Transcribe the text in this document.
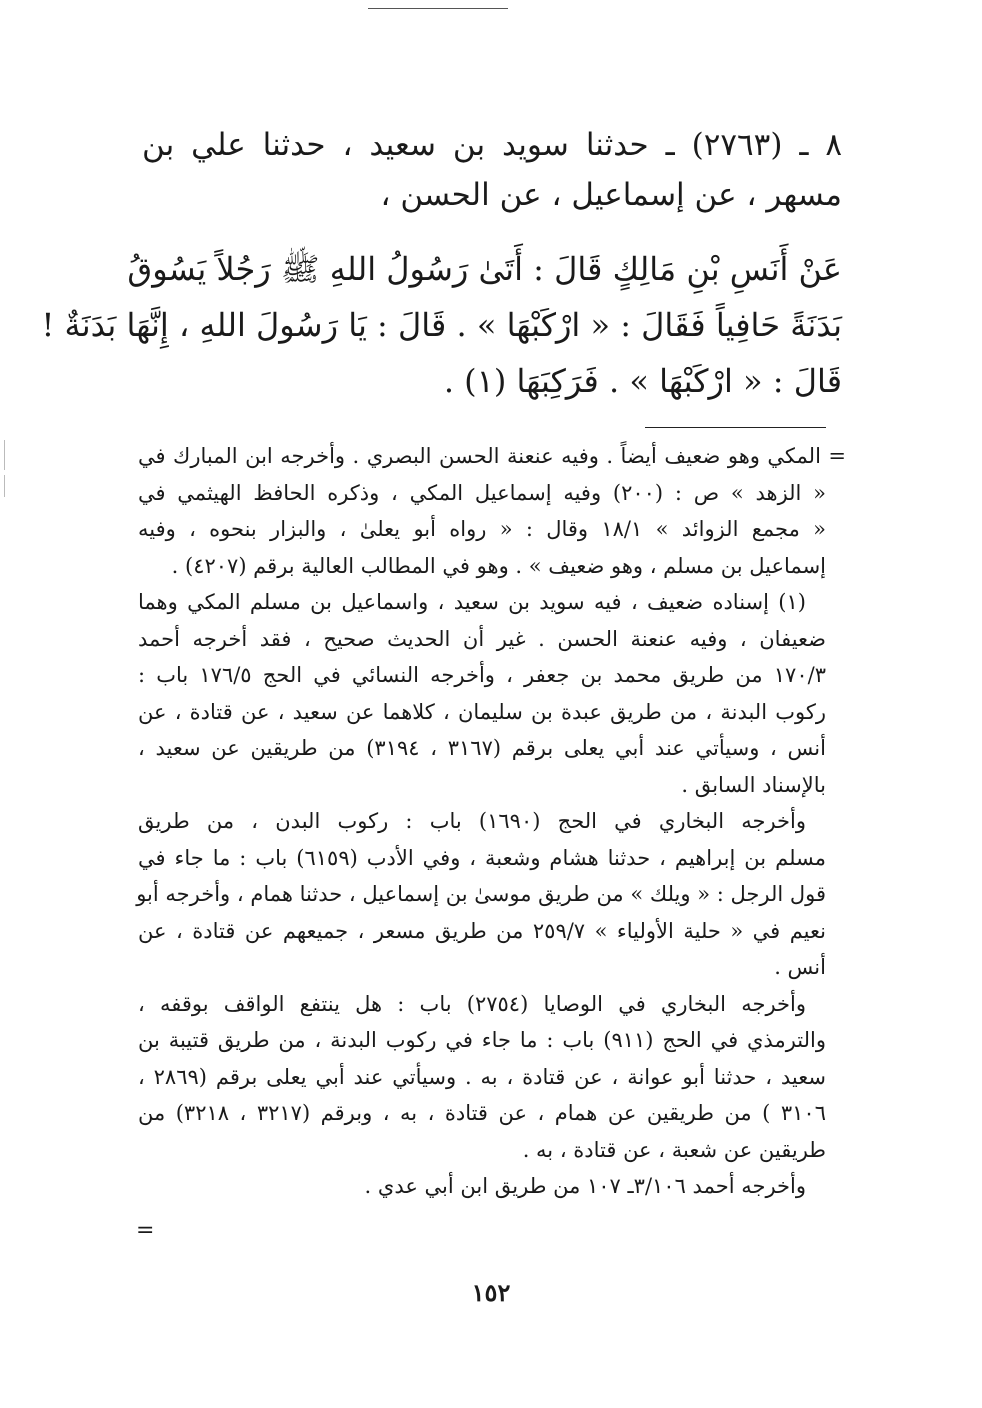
٨ ـ (٢٧٦٣) ـ حدثنا سويد بن سعيد ، حدثنا علي بن
مسهر ، عن إسماعيل ، عن الحسن ،
عَنْ أَنَسِ بْنِ مَالِكٍ قَالَ : أَتَىٰ رَسُولُ اللهِ ﷺ رَجُلاً يَسُوقُ
بَدَنَةً حَافِياً فَقَالَ : « ارْكَبْهَا » . قَالَ : يَا رَسُولَ اللهِ ، إِنَّهَا بَدَنَةٌ !
قَالَ : « ارْكَبْهَا » . فَرَكِبَهَا (١) .
= المكي وهو ضعيف أيضاً . وفيه عنعنة الحسن البصري . وأخرجه ابن المبارك في
« الزهد » ص : (٢٠٠) وفيه إسماعيل المكي ، وذكره الحافظ الهيثمي في
« مجمع الزوائد » ١٨/١ وقال : « رواه أبو يعلىٰ ، والبزار بنحوه ، وفيه
إسماعيل بن مسلم ، وهو ضعيف » . وهو في المطالب العالية برقم (٤٢٠٧) .
(١) إسناده ضعيف ، فيه سويد بن سعيد ، واسماعيل بن مسلم المكي وهما
ضعيفان ، وفيه عنعنة الحسن . غير أن الحديث صحيح ، فقد أخرجه أحمد
١٧٠/٣ من طريق محمد بن جعفر ، وأخرجه النسائي في الحج ١٧٦/٥ باب :
ركوب البدنة ، من طريق عبدة بن سليمان ، كلاهما عن سعيد ، عن قتادة ، عن
أنس ، وسيأتي عند أبي يعلى برقم (٣١٦٧ ، ٣١٩٤) من طريقين عن سعيد ،
بالإسناد السابق .
وأخرجه البخاري في الحج (١٦٩٠) باب : ركوب البدن ، من طريق
مسلم بن إبراهيم ، حدثنا هشام وشعبة ، وفي الأدب (٦١٥٩) باب : ما جاء في
قول الرجل : « ويلك » من طريق موسىٰ بن إسماعيل ، حدثنا همام ، وأخرجه أبو
نعيم في « حلية الأولياء » ٢٥٩/٧ من طريق مسعر ، جميعهم عن قتادة ، عن
أنس .
وأخرجه البخاري في الوصايا (٢٧٥٤) باب : هل ينتفع الواقف بوقفه ،
والترمذي في الحج (٩١١) باب : ما جاء في ركوب البدنة ، من طريق قتيبة بن
سعيد ، حدثنا أبو عوانة ، عن قتادة ، به . وسيأتي عند أبي يعلى برقم (٢٨٦٩ ،
٣١٠٦ ) من طريقين عن همام ، عن قتادة ، به ، وبرقم (٣٢١٧ ، ٣٢١٨) من
طريقين عن شعبة ، عن قتادة ، به .
وأخرجه أحمد ٣/١٠٦ـ ١٠٧ من طريق ابن أبي عدي .
=
١٥٢
